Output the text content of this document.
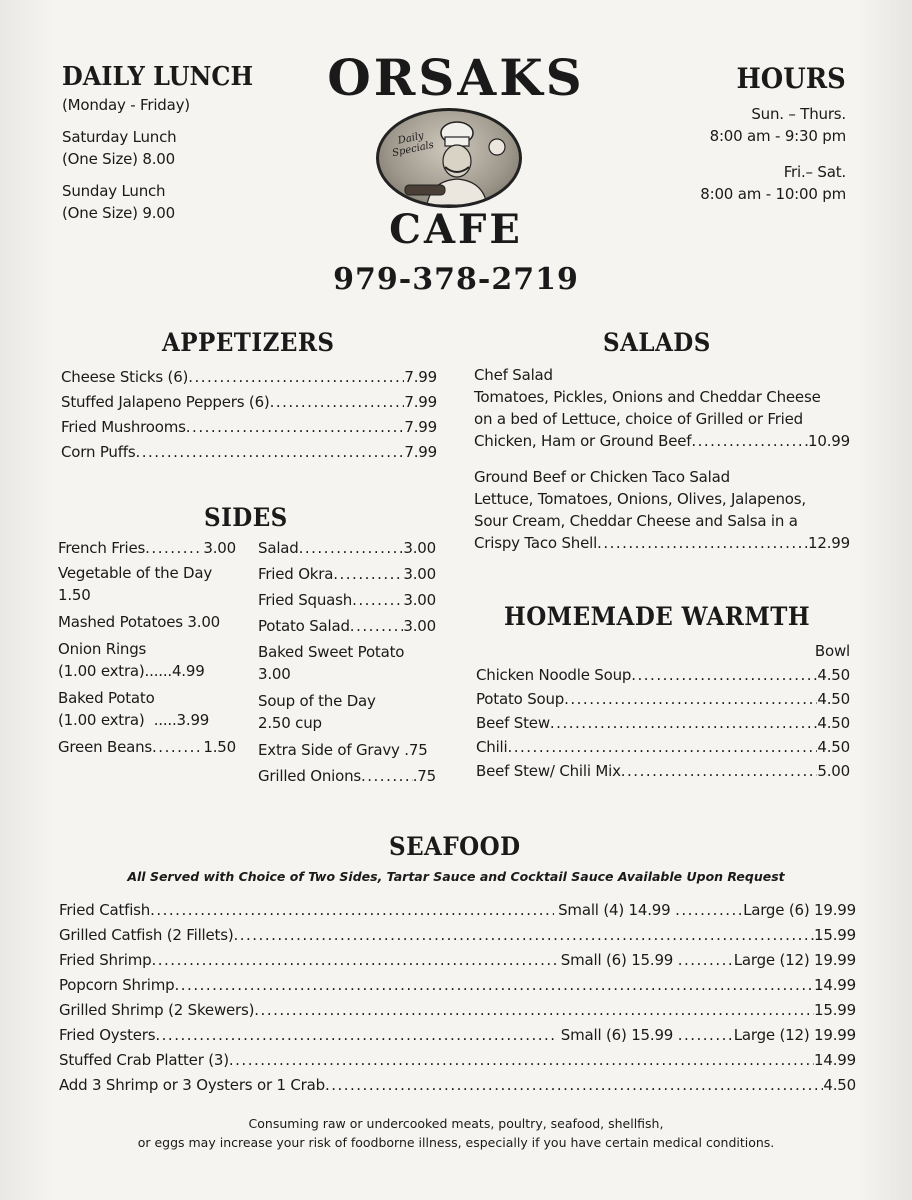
DAILY LUNCH
(Monday - Friday)
Saturday Lunch
(One Size) 8.00
Sunday Lunch
(One Size) 9.00
ORSAKS
Daily Specials
CAFE
979-378-2719
HOURS
Sun. – Thurs.
8:00 am - 9:30 pm
Fri.– Sat.
8:00 am - 10:00 pm
APPETIZERS
Cheese Sticks (6) .....	7.99
Stuffed Jalapeno Peppers (6) .....	7.99
Fried Mushrooms .....	7.99
Corn Puffs .....	7.99
SIDES
French Fries .....	3.00
Vegetable of the Day
1.50
Mashed Potatoes 3.00
Onion Rings
(1.00 extra)......4.99
Baked Potato
(1.00 extra)  .....3.99
Green Beans .....	1.50
Salad .....	3.00
Fried Okra .....	3.00
Fried Squash .....	3.00
Potato Salad .....	3.00
Baked Sweet Potato
3.00
Soup of the Day
2.50 cup
Extra Side of Gravy .75
Grilled Onions .....	.75
SALADS
Chef Salad
Tomatoes, Pickles, Onions and Cheddar Cheese
on a bed of Lettuce, choice of Grilled or Fried
Chicken, Ham or Ground Beef .....	10.99
Ground Beef or Chicken Taco Salad
Lettuce, Tomatoes, Onions, Olives, Jalapenos,
Sour Cream, Cheddar Cheese and Salsa in a
Crispy Taco Shell .....	12.99
HOMEMADE WARMTH
Bowl
Chicken Noodle Soup .....	4.50
Potato Soup .....	4.50
Beef Stew .....	4.50
Chili .....	4.50
Beef Stew/ Chili Mix .....	5.00
SEAFOOD
All Served with Choice of Two Sides, Tartar Sauce and Cocktail Sauce Available Upon Request
Fried Catfish .....	Small (4) 14.99 .....	Large (6) 19.99
Grilled Catfish (2 Fillets) .....	15.99
Fried Shrimp .....	Small (6) 15.99 .....	Large (12) 19.99
Popcorn Shrimp .....	14.99
Grilled Shrimp (2 Skewers) .....	15.99
Fried Oysters .....	Small (6) 15.99 .....	Large (12) 19.99
Stuffed Crab Platter (3) .....	14.99
Add 3 Shrimp or 3 Oysters or 1 Crab .....	4.50
Consuming raw or undercooked meats, poultry, seafood, shellfish,
or eggs may increase your risk of foodborne illness, especially if you have certain medical conditions.
